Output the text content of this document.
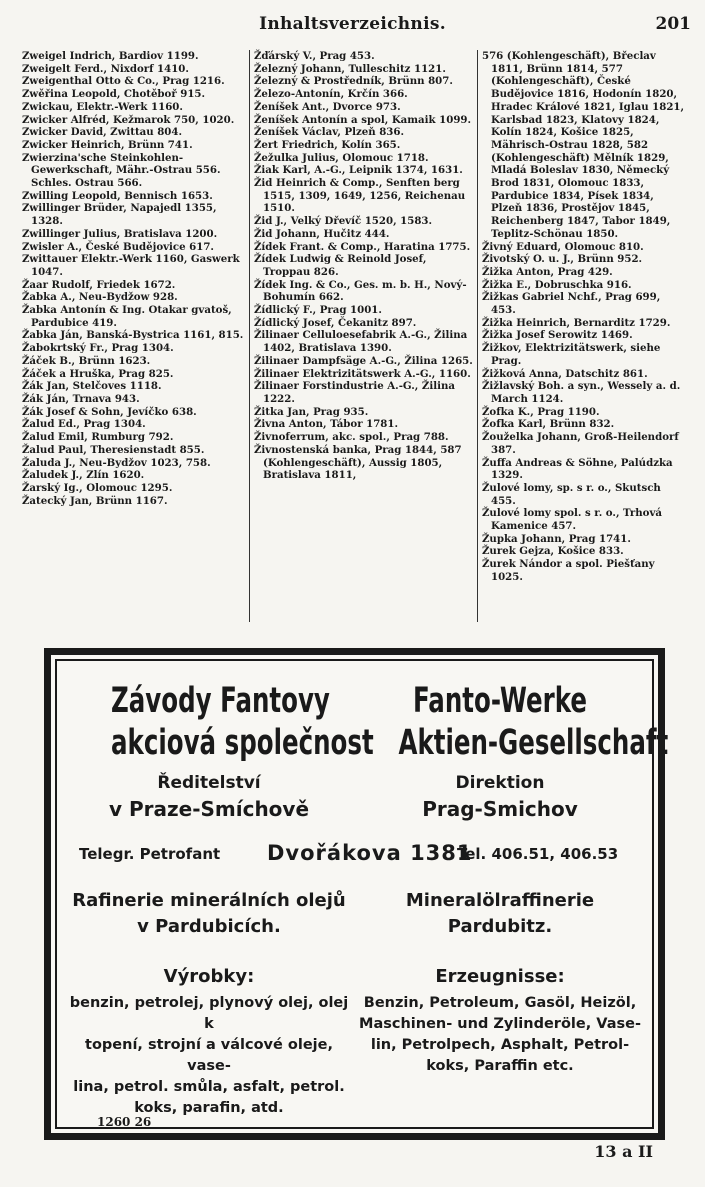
Inhaltsverzeichnis.	201

Zweigel Indrich, Bardiov 1199.

Zweigelt Ferd., Nixdorf 1410.

Zweigenthal Otto & Co., Prag 1216.

Zwěřina Leopold, Chotěboř 915.

Zwickau, Elektr.-Werk 1160.

Zwicker Alfréd, Kežmarok 750, 1020.

Zwicker David, Zwittau 804.

Zwicker Heinrich, Brünn 741.

Zwierzina'sche Steinkohlen-Gewerkschaft, Mähr.-Ostrau 556. Schles. Ostrau 566.

Zwilling Leopold, Bennisch 1653.

Zwillinger Brüder, Napajedl 1355, 1328.

Zwillinger Julius, Bratislava 1200.

Zwisler A., České Budějovice 617.

Zwittauer Elektr.-Werk 1160, Gaswerk 1047.

Žaar Rudolf, Friedek 1672.

Žabka A., Neu-Bydžow 928.

Žabka Antonín & Ing. Otakar gvatoš, Pardubice 419.

Žabka Ján, Banská-Bystrica 1161, 815.

Žabokrtský Fr., Prag 1304.

Žáček B., Brünn 1623.

Žáček a Hruška, Prag 825.

Žák Jan, Stelčoves 1118.

Žák Ján, Trnava 943.

Žák Josef & Sohn, Jevíčko 638.

Žalud Ed., Prag 1304.

Žalud Emil, Rumburg 792.

Žalud Paul, Theresienstadt 855.

Žaluda J., Neu-Bydžov 1023, 758.

Žaludek J., Zlín 1620.

Žarský Ig., Olomouc 1295.

Žatecký Jan, Brünn 1167.

Žďárský V., Prag 453.

Železný Johann, Tulleschitz 1121.

Železný & Prostředník, Brünn 807.

Železo-Antonín, Krčín 366.

Ženíšek Ant., Dvorce 973.

Ženíšek Antonín a spol, Kamaik 1099.

Ženíšek Václav, Plzeň 836.

Žert Friedrich, Kolín 365.

Žežulka Julius, Olomouc 1718.

Žiak Karl, A.-G., Leipnik 1374, 1631.

Žid Heinrich & Comp., Senften berg 1515, 1309, 1649, 1256, Reichenau 1510.

Žid J., Velký Dřevíč 1520, 1583.

Žid Johann, Hučitz 444.

Žídek Frant. & Comp., Haratina 1775.

Žídek Ludwig & Reinold Josef, Troppau 826.

Žídek Ing. & Co., Ges. m. b. H., Nový-Bohumín 662.

Žídlický F., Prag 1001.

Žídlický Josef, Čekanitz 897.

Žilinaer Celluloesefabrik A.-G., Žilina 1402, Bratislava 1390.

Žilinaer Dampfsäge A.-G., Žilina 1265.

Žilinaer Elektrizitätswerk A.-G., 1160.

Žilinaer Forstindustrie A.-G., Žilina 1222.

Žitka Jan, Prag 935.

Živna Anton, Tábor 1781.

Živnoferrum, akc. spol., Prag 788.

Živnostenská banka, Prag 1844, 587 (Kohlengeschäft), Aussig 1805, Bratislava 1811,

576 (Kohlengeschäft), Břeclav 1811, Brünn 1814, 577 (Kohlengeschäft), České Budějovice 1816, Hodonín 1820, Hradec Králové 1821, Iglau 1821, Karlsbad 1823, Klatovy 1824, Kolín 1824, Košice 1825, Mährisch-Ostrau 1828, 582 (Kohlengeschäft) Mělník 1829, Mladá Boleslav 1830, Německý Brod 1831, Olomouc 1833, Pardubice 1834, Písek 1834, Plzeň 1836, Prostějov 1845, Reichenberg 1847, Tabor 1849, Teplitz-Schönau 1850.

Živný Eduard, Olomouc 810.

Životský O. u. J., Brünn 952.

Žižka Anton, Prag 429.

Žižka E., Dobruschka 916.

Žižkas Gabriel Nchf., Prag 699, 453.

Žižka Heinrich, Bernarditz 1729.

Žižka Josef Serowitz 1469.

Žižkov, Elektrizitätswerk, siehe Prag.

Žižková Anna, Datschitz 861.

Žižlavský Boh. a syn., Wessely a. d. March 1124.

Žofka K., Prag 1190.

Žofka Karl, Brünn 832.

Žouželka Johann, Groß-Heilendorf 387.

Žuffa Andreas & Söhne, Palúdzka 1329.

Žulové lomy, sp. s r. o., Skutsch 455.

Žulové lomy spol. s r. o., Trhová Kamenice 457.

Župka Johann, Prag 1741.

Žurek Gejza, Košice 833.

Žurek Nándor a spol. Piešťany 1025.

Závody Fantovy	Fanto-Werke
akciová společnost Aktien-Gesellschaft
Ředitelství	Direktion
v Praze-Smíchově	Prag-Smichov
Telegr. Petrofant Dvořákova 1381
Tel. 406.51, 406.53
Rafinerie minerálních olejů	Mineralölraffinerie
v Pardubicích.	Pardubitz.
Výrobky:	Erzeugnisse:
benzin, petrolej, plynový olej, olej k
topení, strojní a válcové oleje, vase-
lina, petrol. smůla, asfalt, petrol.
koks, parafin, atd.
Benzin, Petroleum, Gasöl, Heizöl,
Maschinen- und Zylinderöle, Vase-
lin, Petrolpech, Asphalt, Petrol-
koks, Paraffin etc.
1260 26
13 a II
